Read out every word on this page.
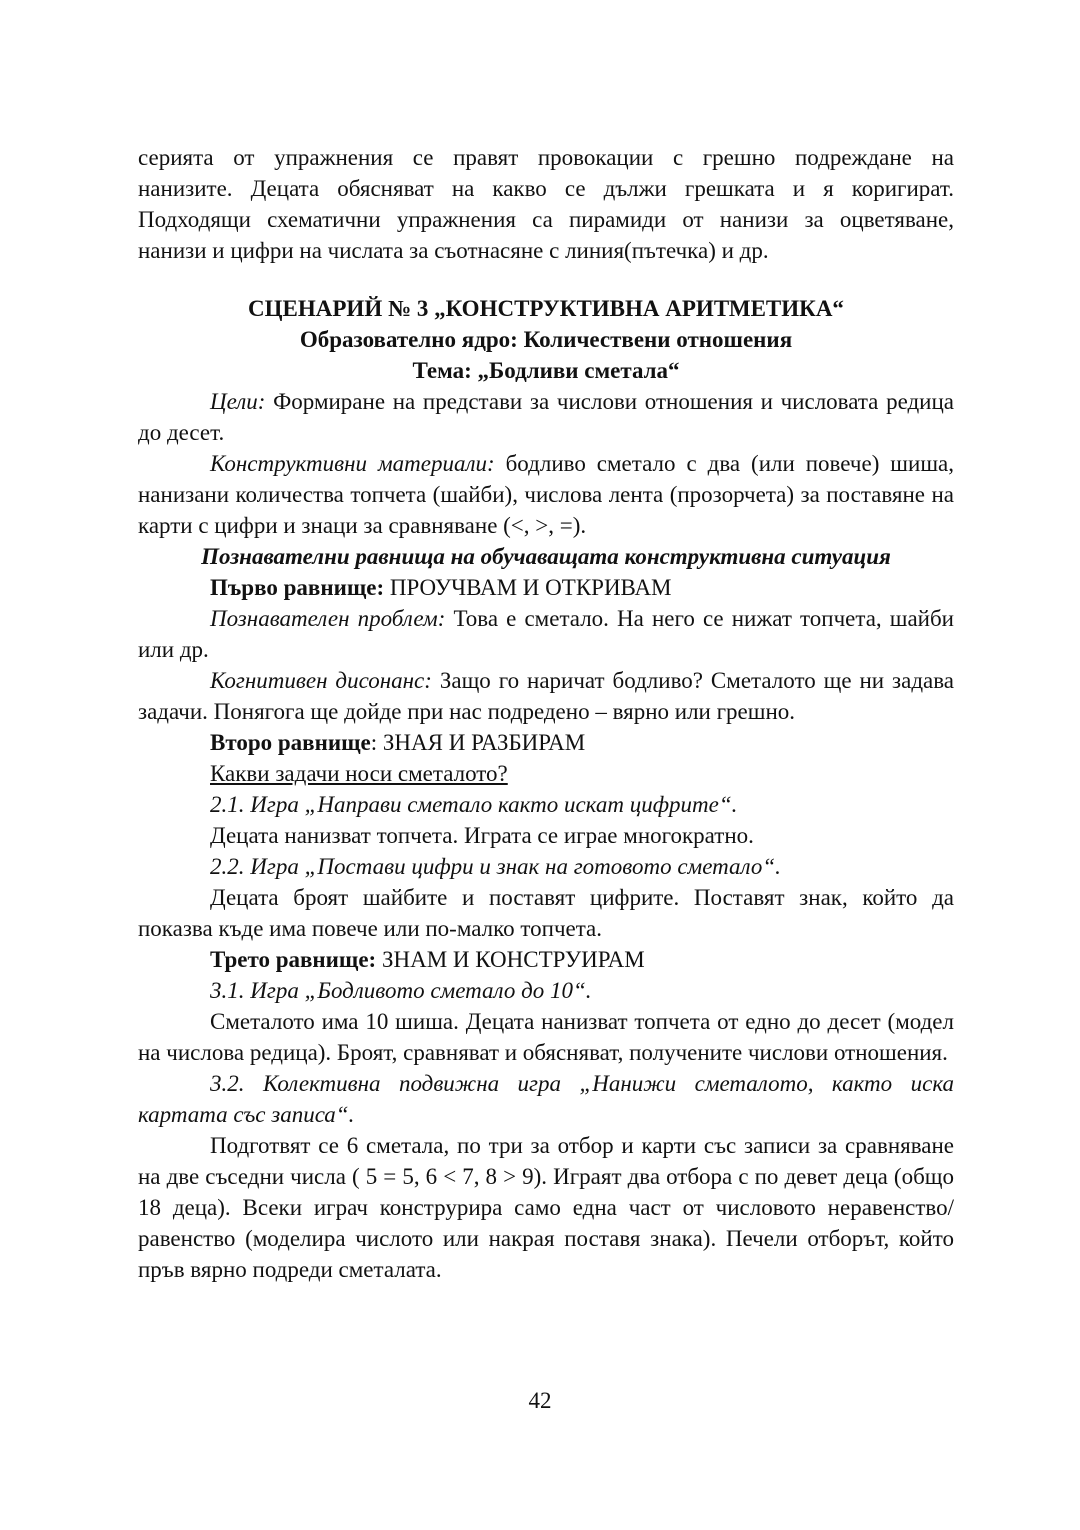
серията от упражнения се правят провокации с грешно подреждане на

нанизите. Децата обясняват на какво се дължи грешката и я коригират.

Подходящи схематични упражнения са пирамиди от нанизи за оцветяване,

нанизи и цифри на числата за съотнасяне с линия(пътечка) и др.

СЦЕНАРИЙ № 3 „КОНСТРУКТИВНА АРИТМЕТИКА“

Образователно ядро: Количествени отношения

Тема: „Бодливи сметала“

Цели: Формиране на представи за числови отношения и числовата редица до десет.

Конструктивни материали: бодливо сметало с два (или повече) шиша, нанизани количества топчета (шайби), числова лента (прозорчета) за поставяне на карти с цифри и знаци за сравняване (<, >, =).

Познавателни равнища на обучаващата конструктивна ситуация

Първо равнище: ПРОУЧВАМ И ОТКРИВАМ

Познавателен проблем: Това е сметало. На него се нижат топчета, шайби или др.

Когнитивен дисонанс: Защо го наричат бодливо? Сметалото ще ни задава задачи. Понягога ще дойде при нас подредено – вярно или грешно.

Второ равнище: ЗНАЯ И РАЗБИРАМ

Какви задачи носи сметалото?

2.1. Игра „Направи сметало както искат цифрите“.

Децата нанизват топчета. Играта се играе многократно.

2.2. Игра „Постави цифри и знак на готовото сметало“.

Децата броят шайбите и поставят цифрите. Поставят знак, който да показва къде има повече или по-малко топчета.

Трето равнище: ЗНАМ И КОНСТРУИРАМ

3.1. Игра „Бодливото сметало до 10“.

Сметалото има 10 шиша. Децата нанизват топчета от едно до десет (модел на числова редица). Броят, сравняват и обясняват, получените числови отношения.

3.2. Колективна подвижна игра „Нанижи сметалото, както иска картата със записа“.

Подготвят се 6 сметала, по три за отбор и карти със записи за сравняване на две съседни числа ( 5 = 5, 6 < 7, 8 > 9). Играят два отбора с по девет деца (общо 18 деца). Всеки играч конструрира само една част от числовото неравенство/равенство (моделира числото или накрая поставя знака). Печели отборът, който пръв вярно подреди сметалата.

42
